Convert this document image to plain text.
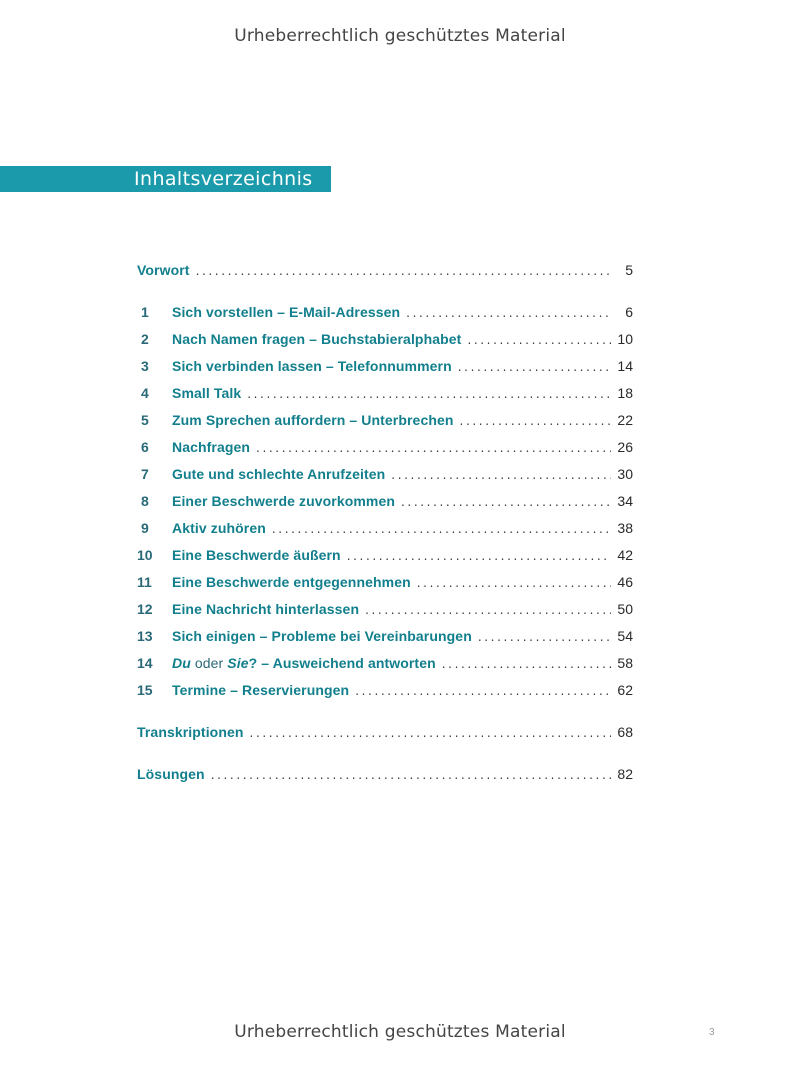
Urheberrechtlich geschütztes Material
Inhaltsverzeichnis
Vorwort .....	5
1	Sich vorstellen – E-Mail-Adressen .....	6
2	Nach Namen fragen – Buchstabieralphabet .....	10
3	Sich verbinden lassen – Telefonnummern .....	14
4	Small Talk .....	18
5	Zum Sprechen auffordern – Unterbrechen .....	22
6	Nachfragen .....	26
7	Gute und schlechte Anrufzeiten .....	30
8	Einer Beschwerde zuvorkommen .....	34
9	Aktiv zuhören .....	38
10	Eine Beschwerde äußern .....	42
11	Eine Beschwerde entgegennehmen .....	46
12	Eine Nachricht hinterlassen .....	50
13	Sich einigen – Probleme bei Vereinbarungen .....	54
14	Du oder Sie? – Ausweichend antworten .....	58
15	Termine – Reservierungen .....	62
Transkriptionen .....	68
Lösungen .....	82
Urheberrechtlich geschütztes Material	3
